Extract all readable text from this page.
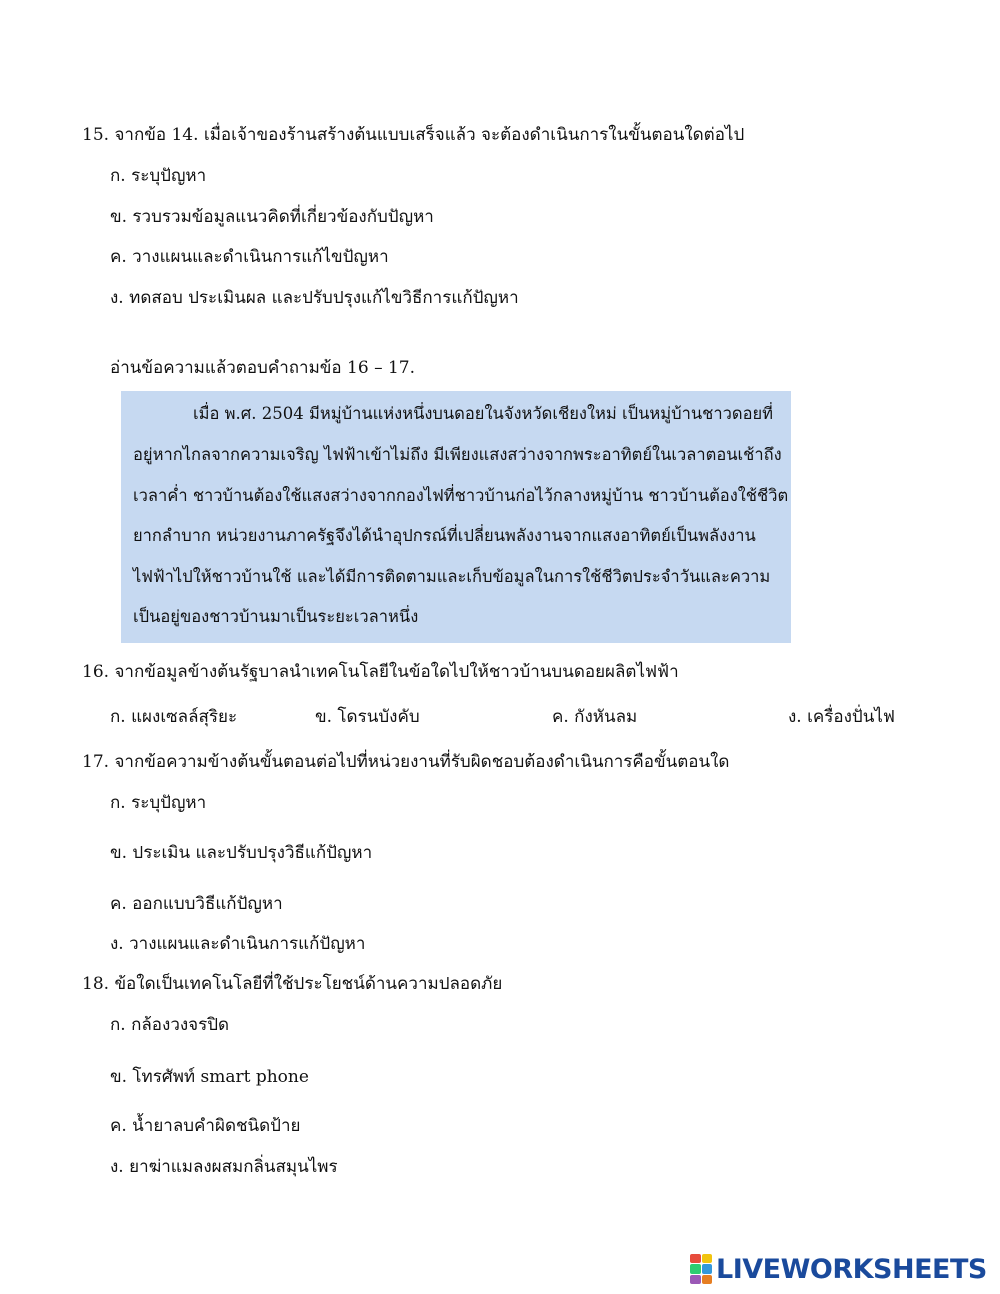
15. จากข้อ 14. เมื่อเจ้าของร้านสร้างต้นแบบเสร็จแล้ว จะต้องดำเนินการในขั้นตอนใดต่อไป
ก. ระบุปัญหา
ข. รวบรวมข้อมูลแนวคิดที่เกี่ยวข้องกับปัญหา
ค. วางแผนและดำเนินการแก้ไขปัญหา
ง. ทดสอบ ประเมินผล และปรับปรุงแก้ไขวิธีการแก้ปัญหา
อ่านข้อความแล้วตอบคำถามข้อ 16 – 17.
เมื่อ พ.ศ. 2504 มีหมู่บ้านแห่งหนึ่งบนดอยในจังหวัดเชียงใหม่ เป็นหมู่บ้านชาวดอยที่
อยู่หากไกลจากความเจริญ ไฟฟ้าเข้าไม่ถึง มีเพียงแสงสว่างจากพระอาทิตย์ในเวลาตอนเช้าถึง
เวลาค่ำ ชาวบ้านต้องใช้แสงสว่างจากกองไฟที่ชาวบ้านก่อไว้กลางหมู่บ้าน ชาวบ้านต้องใช้ชีวิต
ยากลำบาก หน่วยงานภาครัฐจึงได้นำอุปกรณ์ที่เปลี่ยนพลังงานจากแสงอาทิตย์เป็นพลังงาน
ไฟฟ้าไปให้ชาวบ้านใช้ และได้มีการติดตามและเก็บข้อมูลในการใช้ชีวิตประจำวันและความ
เป็นอยู่ของชาวบ้านมาเป็นระยะเวลาหนึ่ง
16. จากข้อมูลข้างต้นรัฐบาลนำเทคโนโลยีในข้อใดไปให้ชาวบ้านบนดอยผลิตไฟฟ้า
ก. แผงเซลล์สุริยะ	ข. โดรนบังคับ	ค. กังหันลม	ง. เครื่องปั่นไฟ
17. จากข้อความข้างต้นขั้นตอนต่อไปที่หน่วยงานที่รับผิดชอบต้องดำเนินการคือขั้นตอนใด
ก. ระบุปัญหา
ข. ประเมิน และปรับปรุงวิธีแก้ปัญหา
ค. ออกแบบวิธีแก้ปัญหา
ง. วางแผนและดำเนินการแก้ปัญหา
18. ข้อใดเป็นเทคโนโลยีที่ใช้ประโยชน์ด้านความปลอดภัย
ก. กล้องวงจรปิด
ข. โทรศัพท์ smart phone
ค. น้ำยาลบคำผิดชนิดป้าย
ง. ยาฆ่าแมลงผสมกลิ่นสมุนไพร
LIVEWORKSHEETS
